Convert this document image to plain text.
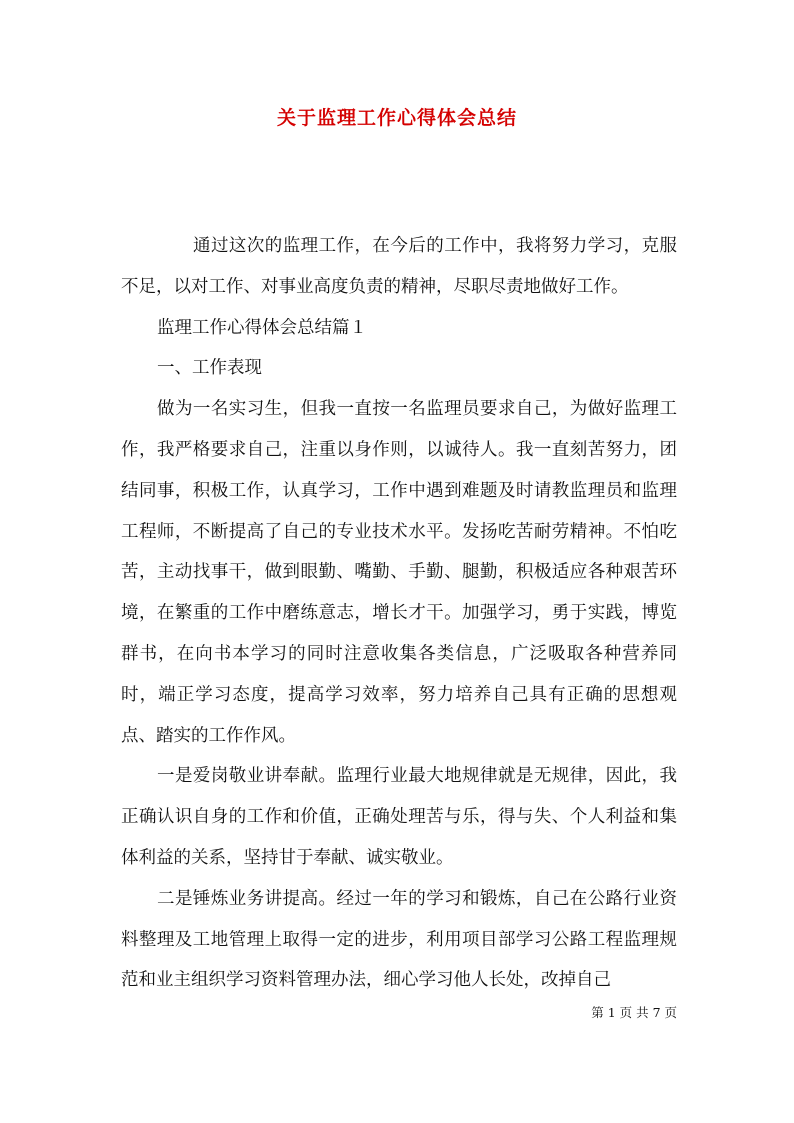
关于监理工作心得体会总结

通过这次的监理工作，在今后的工作中，我将努力学习，克服不足，以对工作、对事业高度负责的精神，尽职尽责地做好工作。

监理工作心得体会总结篇１

一、工作表现

做为一名实习生，但我一直按一名监理员要求自己，为做好监理工作，我严格要求自己，注重以身作则，以诚待人。我一直刻苦努力，团结同事，积极工作，认真学习，工作中遇到难题及时请教监理员和监理工程师，不断提高了自己的专业技术水平。发扬吃苦耐劳精神。不怕吃苦，主动找事干，做到眼勤、嘴勤、手勤、腿勤，积极适应各种艰苦环境，在繁重的工作中磨练意志，增长才干。加强学习，勇于实践，博览群书，在向书本学习的同时注意收集各类信息，广泛吸取各种营养同时，端正学习态度，提高学习效率，努力培养自己具有正确的思想观点、踏实的工作作风。

一是爱岗敬业讲奉献。监理行业最大地规律就是无规律，因此，我正确认识自身的工作和价值，正确处理苦与乐，得与失、个人利益和集体利益的关系，坚持甘于奉献、诚实敬业。

二是锤炼业务讲提高。经过一年的学习和锻炼，自己在公路行业资料整理及工地管理上取得一定的进步，利用项目部学习公路工程监理规范和业主组织学习资料管理办法，细心学习他人长处，改掉自己

第 1 页 共 7 页
